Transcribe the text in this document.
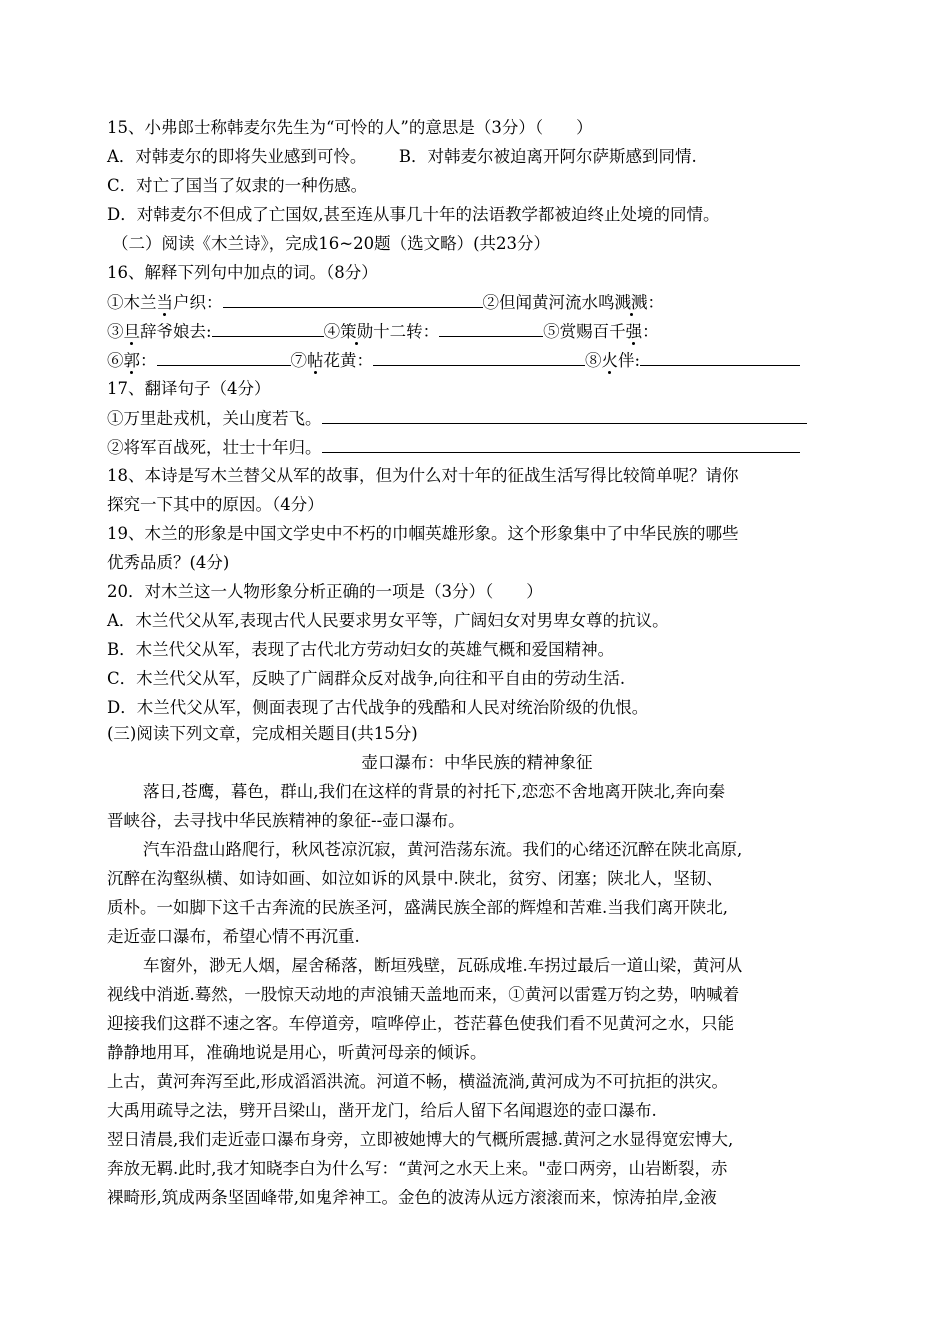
15、小弗郎士称韩麦尔先生为“可怜的人”的意思是（3分）（　　）
A．对韩麦尔的即将失业感到可怜。 B．对韩麦尔被迫离开阿尔萨斯感到同情.
C．对亡了国当了奴隶的一种伤感。
D．对韩麦尔不但成了亡国奴,甚至连从事几十年的法语教学都被迫终止处境的同情。
（二）阅读《木兰诗》，完成16~20题（选文略）(共23分）
16、解释下列句中加点的词。（8分）
①木兰当户织：	②但闻黄河流水鸣溅溅：
③旦辞爷娘去:	④策勋十二转：	⑤赏赐百千强：
⑥郭：	⑦帖花黄：	⑧火伴:
17、翻译句子（4分）
①万里赴戎机，关山度若飞。
②将军百战死，壮士十年归。
18、本诗是写木兰替父从军的故事，但为什么对十年的征战生活写得比较简单呢？请你
探究一下其中的原因。（4分）
19、木兰的形象是中国文学史中不朽的巾帼英雄形象。这个形象集中了中华民族的哪些
优秀品质？(4分)
20．对木兰这一人物形象分析正确的一项是（3分）（　　）
A．木兰代父从军,表现古代人民要求男女平等，广阔妇女对男卑女尊的抗议。
B．木兰代父从军，表现了古代北方劳动妇女的英雄气概和爱国精神。
C．木兰代父从军，反映了广阔群众反对战争,向往和平自由的劳动生活.
D．木兰代父从军，侧面表现了古代战争的残酷和人民对统治阶级的仇恨。
(三)阅读下列文章，完成相关题目(共15分)
壶口瀑布：中华民族的精神象征
落日,苍鹰，暮色，群山,我们在这样的背景的衬托下,恋恋不舍地离开陕北,奔向秦
晋峡谷，去寻找中华民族精神的象征--壶口瀑布。
汽车沿盘山路爬行，秋风苍凉沉寂，黄河浩荡东流。我们的心绪还沉醉在陕北高原,
沉醉在沟壑纵横、如诗如画、如泣如诉的风景中.陕北，贫穷、闭塞；陕北人，坚韧、
质朴。一如脚下这千古奔流的民族圣河，盛满民族全部的辉煌和苦难.当我们离开陕北,
走近壶口瀑布，希望心情不再沉重.
车窗外，渺无人烟，屋舍稀落，断垣残壁，瓦砾成堆.车拐过最后一道山梁，黄河从
视线中消逝.蓦然，一股惊天动地的声浪铺天盖地而来，①黄河以雷霆万钧之势，呐喊着
迎接我们这群不速之客。车停道旁，喧哗停止，苍茫暮色使我们看不见黄河之水，只能
静静地用耳，准确地说是用心，听黄河母亲的倾诉。
上古，黄河奔泻至此,形成滔滔洪流。河道不畅，横溢流淌,黄河成为不可抗拒的洪灾。
大禹用疏导之法，劈开吕梁山，凿开龙门，给后人留下名闻遐迩的壶口瀑布.
翌日清晨,我们走近壶口瀑布身旁，立即被她博大的气概所震撼.黄河之水显得宽宏博大,
奔放无羁.此时,我才知晓李白为什么写：“黄河之水天上来。"壶口两旁，山岩断裂，赤
裸畸形,筑成两条坚固峰带,如鬼斧神工。金色的波涛从远方滚滚而来，惊涛拍岸,金液
